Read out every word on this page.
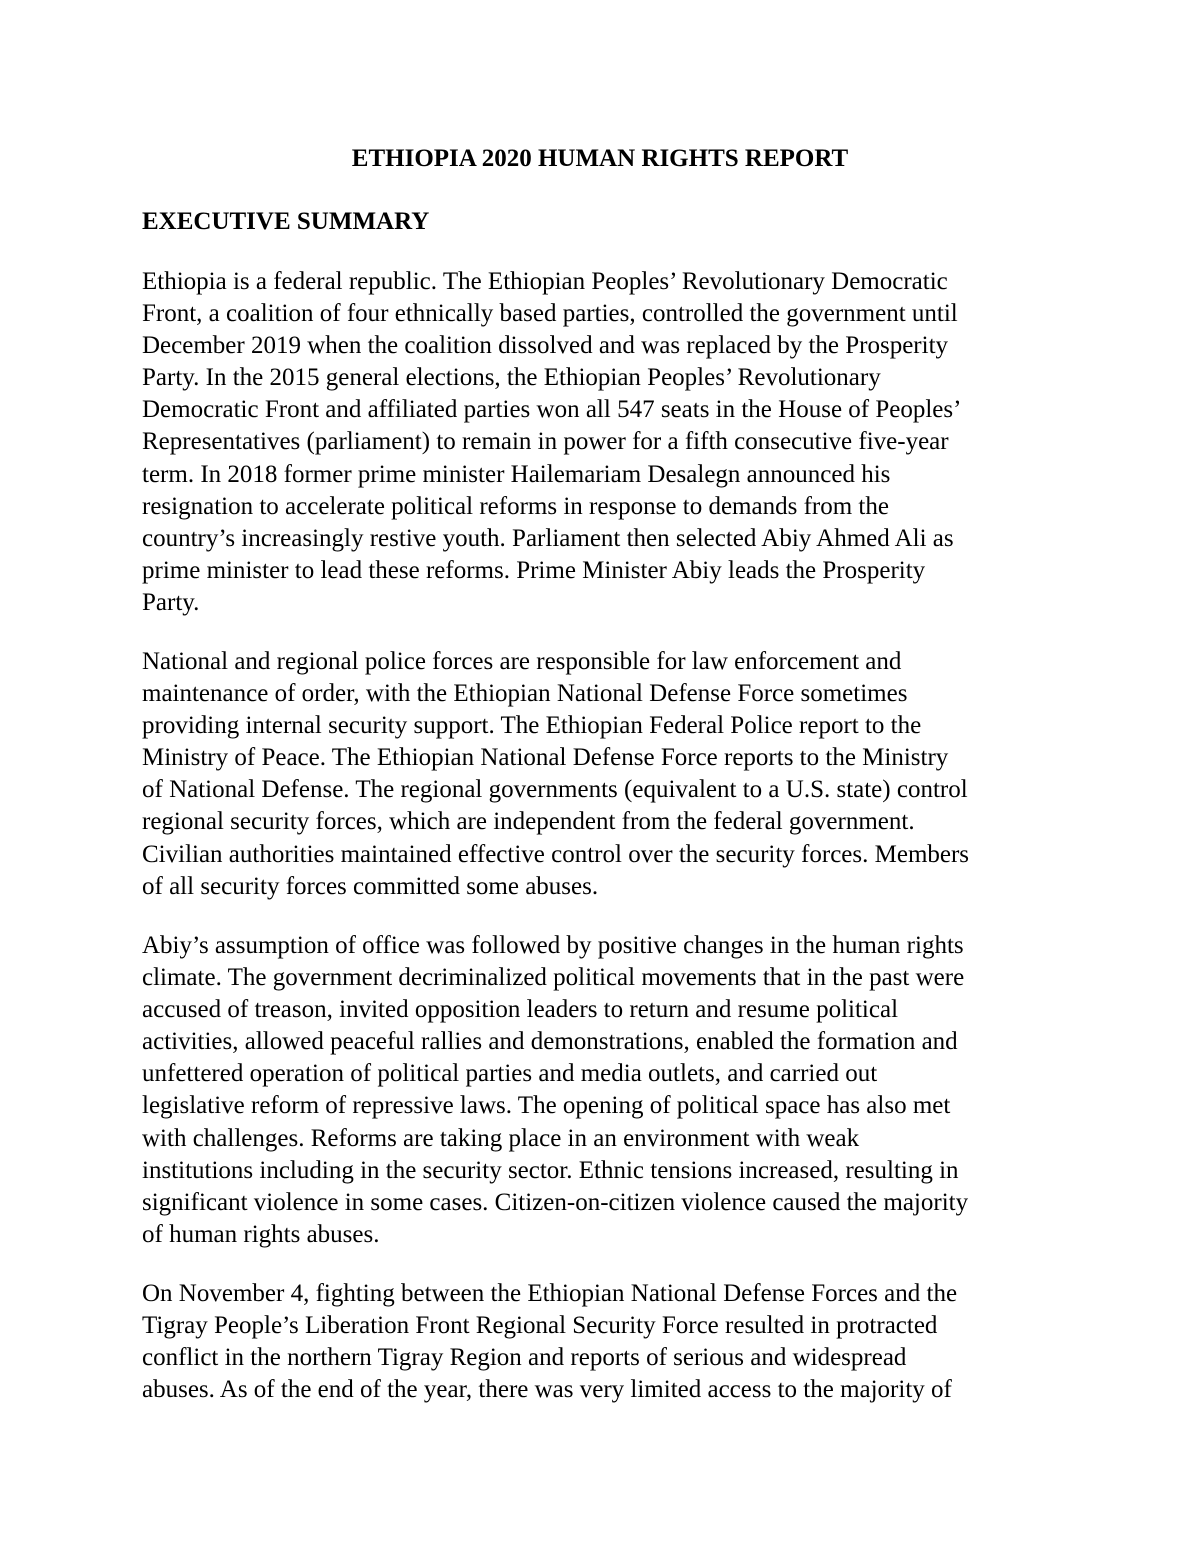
ETHIOPIA 2020 HUMAN RIGHTS REPORT
EXECUTIVE SUMMARY

Ethiopia is a federal republic. The Ethiopian Peoples’ Revolutionary Democratic
Front, a coalition of four ethnically based parties, controlled the government until
December 2019 when the coalition dissolved and was replaced by the Prosperity
Party. In the 2015 general elections, the Ethiopian Peoples’ Revolutionary
Democratic Front and affiliated parties won all 547 seats in the House of Peoples’
Representatives (parliament) to remain in power for a fifth consecutive five-year
term. In 2018 former prime minister Hailemariam Desalegn announced his
resignation to accelerate political reforms in response to demands from the
country’s increasingly restive youth. Parliament then selected Abiy Ahmed Ali as
prime minister to lead these reforms. Prime Minister Abiy leads the Prosperity
Party.

National and regional police forces are responsible for law enforcement and
maintenance of order, with the Ethiopian National Defense Force sometimes
providing internal security support. The Ethiopian Federal Police report to the
Ministry of Peace. The Ethiopian National Defense Force reports to the Ministry
of National Defense. The regional governments (equivalent to a U.S. state) control
regional security forces, which are independent from the federal government.
Civilian authorities maintained effective control over the security forces. Members
of all security forces committed some abuses.

Abiy’s assumption of office was followed by positive changes in the human rights
climate. The government decriminalized political movements that in the past were
accused of treason, invited opposition leaders to return and resume political
activities, allowed peaceful rallies and demonstrations, enabled the formation and
unfettered operation of political parties and media outlets, and carried out
legislative reform of repressive laws. The opening of political space has also met
with challenges. Reforms are taking place in an environment with weak
institutions including in the security sector. Ethnic tensions increased, resulting in
significant violence in some cases. Citizen-on-citizen violence caused the majority
of human rights abuses.

On November 4, fighting between the Ethiopian National Defense Forces and the
Tigray People’s Liberation Front Regional Security Force resulted in protracted
conflict in the northern Tigray Region and reports of serious and widespread
abuses. As of the end of the year, there was very limited access to the majority of
